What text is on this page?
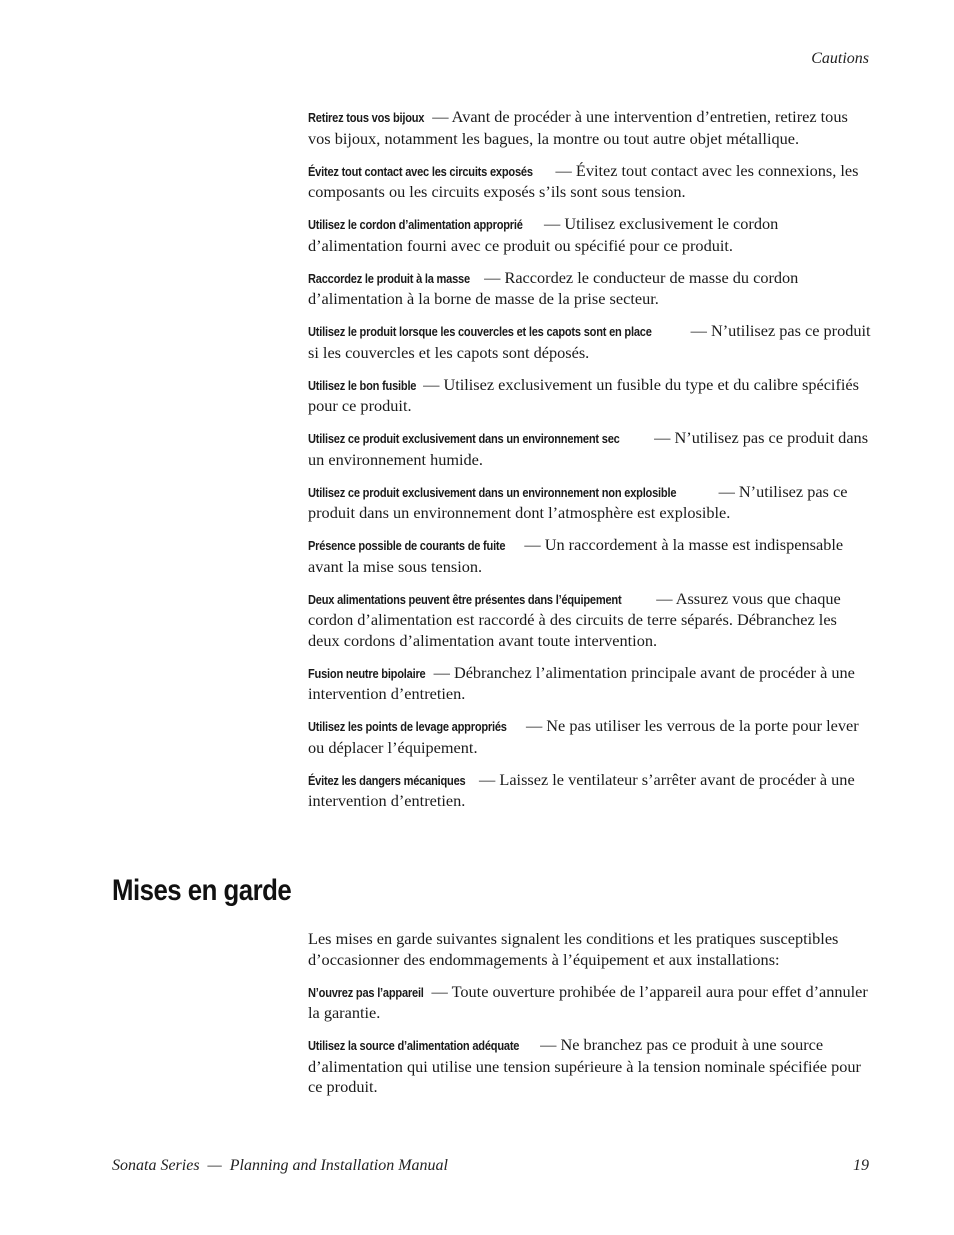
Cautions

Retirez tous vos bijoux — Avant de procéder à une intervention d’entretien, retirez tous vos bijoux, notamment les bagues, la montre ou tout autre objet métallique.

Évitez tout contact avec les circuits exposés — Évitez tout contact avec les connexions, les composants ou les circuits exposés s’ils sont sous tension.

Utilisez le cordon d’alimentation approprié — Utilisez exclusivement le cordon d’alimentation fourni avec ce produit ou spécifié pour ce produit.

Raccordez le produit à la masse — Raccordez le conducteur de masse du cordon d’alimentation à la borne de masse de la prise secteur.

Utilisez le produit lorsque les couvercles et les capots sont en place — N’utilisez pas ce produit si les couvercles et les capots sont déposés.

Utilisez le bon fusible — Utilisez exclusivement un fusible du type et du calibre spécifiés pour ce produit.

Utilisez ce produit exclusivement dans un environnement sec — N’utilisez pas ce produit dans un environnement humide.

Utilisez ce produit exclusivement dans un environnement non explosible	— N’utilisez pas ce produit dans un environnement dont l’atmosphère est explosible.

Présence possible de courants de fuite — Un raccordement à la masse est indispensable avant la mise sous tension.

Deux alimentations peuvent être présentes dans l’équipement — Assurez vous que chaque cordon d’alimentation est raccordé à des circuits de terre séparés. Débranchez les deux cordons d’alimentation avant toute intervention.

Fusion neutre bipolaire — Débranchez l’alimentation principale avant de procéder à une intervention d’entretien.

Utilisez les points de levage appropriés — Ne pas utiliser les verrous de la porte pour lever ou déplacer l’équipement.

Évitez les dangers mécaniques — Laissez le ventilateur s’arrêter avant de procéder à une intervention d’entretien.

Mises en garde

Les mises en garde suivantes signalent les conditions et les pratiques susceptibles d’occasionner des endommagements à l’équipement et aux installations:

N’ouvrez pas l’appareil — Toute ouverture prohibée de l’appareil aura pour effet d’annuler la garantie.

Utilisez la source d’alimentation adéquate — Ne branchez pas ce produit à une source d’alimentation qui utilise une tension supérieure à la tension nominale spécifiée pour ce produit.

Sonata Series  —  Planning and Installation Manual	19
